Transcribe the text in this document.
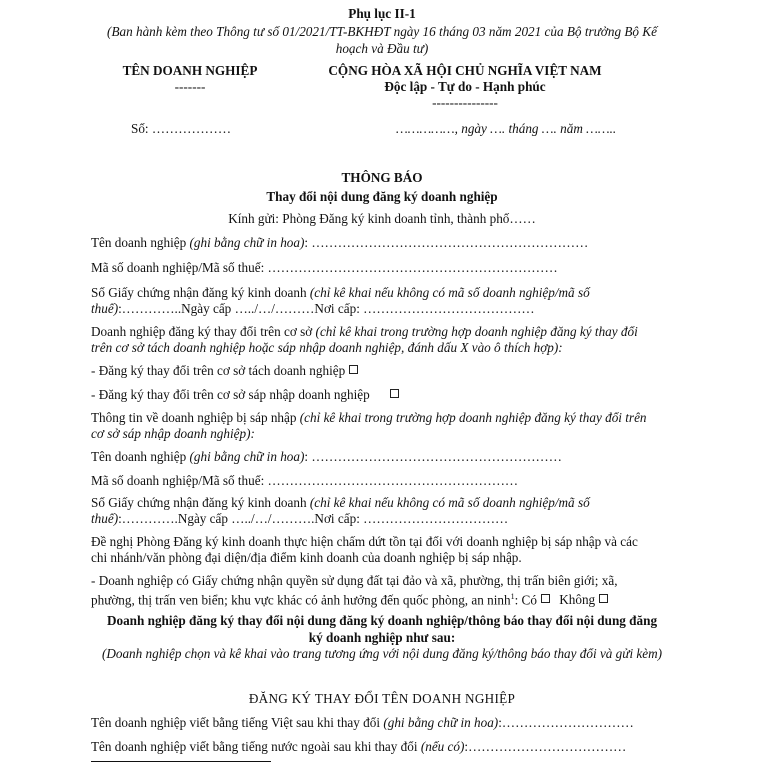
Phụ lục II-1
(Ban hành kèm theo Thông tư số 01/2021/TT-BKHĐT ngày 16 tháng 03 năm 2021 của Bộ trưởng Bộ Kế
hoạch và Đầu tư)
TÊN DOANH NGHIỆP
-------
Số: ………………
CỘNG HÒA XÃ HỘI CHỦ NGHĨA VIỆT NAM
Độc lập - Tự do - Hạnh phúc
---------------
……………, ngày …. tháng …. năm ……..
THÔNG BÁO
Thay đổi nội dung đăng ký doanh nghiệp
Kính gửi: Phòng Đăng ký kinh doanh tỉnh, thành phố……
Tên doanh nghiệp (ghi bằng chữ in hoa): ………………………………………………………
Mã số doanh nghiệp/Mã số thuế: …………………………………………………………
Số Giấy chứng nhận đăng ký kinh doanh (chỉ kê khai nếu không có mã số doanh nghiệp/mã số
thuế):…………..Ngày cấp …../…/………Nơi cấp: …………………………………
Doanh nghiệp đăng ký thay đổi trên cơ sở (chỉ kê khai trong trường hợp doanh nghiệp đăng ký thay đổi
trên cơ sở tách doanh nghiệp hoặc sáp nhập doanh nghiệp, đánh dấu X vào ô thích hợp):
- Đăng ký thay đổi trên cơ sở tách doanh nghiệp
- Đăng ký thay đổi trên cơ sở sáp nhập doanh nghiệp
Thông tin về doanh nghiệp bị sáp nhập (chỉ kê khai trong trường hợp doanh nghiệp đăng ký thay đổi trên
cơ sở sáp nhập doanh nghiệp):
Tên doanh nghiệp (ghi bằng chữ in hoa): …………………………………………………
Mã số doanh nghiệp/Mã số thuế: …………………………………………………
Số Giấy chứng nhận đăng ký kinh doanh (chỉ kê khai nếu không có mã số doanh nghiệp/mã số
thuế):………….Ngày cấp …../…/……….Nơi cấp: ……………………………
Đề nghị Phòng Đăng ký kinh doanh thực hiện chấm dứt tồn tại đối với doanh nghiệp bị sáp nhập và các
chi nhánh/văn phòng đại diện/địa điểm kinh doanh của doanh nghiệp bị sáp nhập.
- Doanh nghiệp có Giấy chứng nhận quyền sử dụng đất tại đảo và xã, phường, thị trấn biên giới; xã,
phường, thị trấn ven biển; khu vực khác có ảnh hưởng đến quốc phòng, an ninh$^1$: Có Không
Doanh nghiệp đăng ký thay đổi nội dung đăng ký doanh nghiệp/thông báo thay đổi nội dung đăng
ký doanh nghiệp như sau:
(Doanh nghiệp chọn và kê khai vào trang tương ứng với nội dung đăng ký/thông báo thay đổi và gửi kèm)
ĐĂNG KÝ THAY ĐỔI TÊN DOANH NGHIỆP
Tên doanh nghiệp viết bằng tiếng Việt sau khi thay đổi (ghi bằng chữ in hoa):…………………………
Tên doanh nghiệp viết bằng tiếng nước ngoài sau khi thay đổi (nếu có):………………………………
